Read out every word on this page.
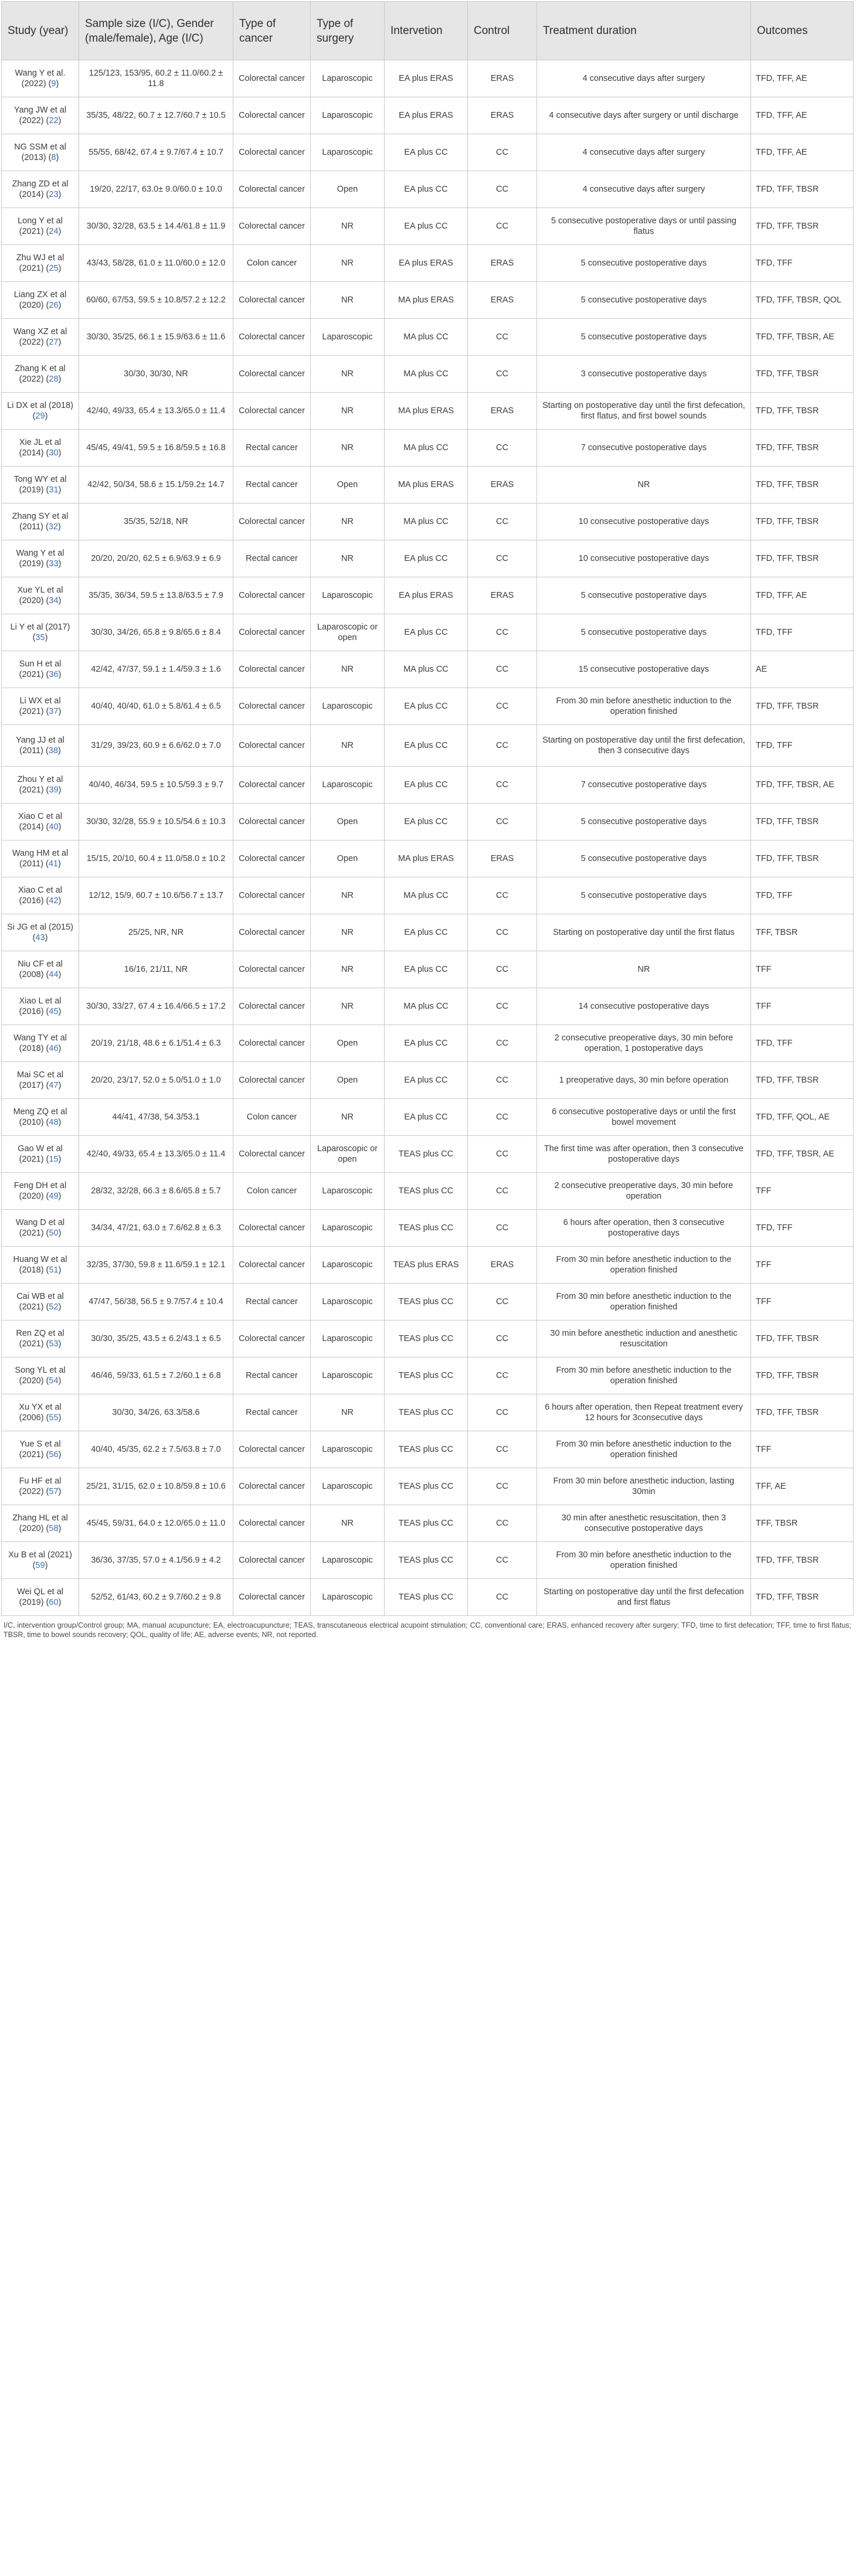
Study (year)	Sample size (I/C), Gender (male/female), Age (I/C)	Type of cancer	Type of surgery	Intervetion	Control	Treatment duration	Outcomes
Wang Y et al. (2022) (9)	125/123, 153/95, 60.2 ± 11.0/60.2 ± 11.8	Colorectal cancer	Laparoscopic	EA plus ERAS	ERAS	4 consecutive days after surgery	TFD, TFF, AE
Yang JW et al (2022) (22)	35/35, 48/22, 60.7 ± 12.7/60.7 ± 10.5	Colorectal cancer	Laparoscopic	EA plus ERAS	ERAS	4 consecutive days after surgery or until discharge	TFD, TFF, AE
NG SSM et al (2013) (8)	55/55, 68/42, 67.4 ± 9.7/67.4 ± 10.7	Colorectal cancer	Laparoscopic	EA plus CC	CC	4 consecutive days after surgery	TFD, TFF, AE
Zhang ZD et al (2014) (23)	19/20, 22/17, 63.0± 9.0/60.0 ± 10.0	Colorectal cancer	Open	EA plus CC	CC	4 consecutive days after surgery	TFD, TFF, TBSR
Long Y et al (2021) (24)	30/30, 32/28, 63.5 ± 14.4/61.8 ± 11.9	Colorectal cancer	NR	EA plus CC	CC	5 consecutive postoperative days or until passing flatus	TFD, TFF, TBSR
Zhu WJ et al (2021) (25)	43/43, 58/28, 61.0 ± 11.0/60.0 ± 12.0	Colon cancer	NR	EA plus ERAS	ERAS	5 consecutive postoperative days	TFD, TFF
Liang ZX et al (2020) (26)	60/60, 67/53, 59.5 ± 10.8/57.2 ± 12.2	Colorectal cancer	NR	MA plus ERAS	ERAS	5 consecutive postoperative days	TFD, TFF, TBSR, QOL
Wang XZ et al (2022) (27)	30/30, 35/25, 66.1 ± 15.9/63.6 ± 11.6	Colorectal cancer	Laparoscopic	MA plus CC	CC	5 consecutive postoperative days	TFD, TFF, TBSR, AE
Zhang K et al (2022) (28)	30/30, 30/30, NR	Colorectal cancer	NR	MA plus CC	CC	3 consecutive postoperative days	TFD, TFF, TBSR
Li DX et al (2018) (29)	42/40, 49/33, 65.4 ± 13.3/65.0 ± 11.4	Colorectal cancer	NR	MA plus ERAS	ERAS	Starting on postoperative day until the first defecation, first flatus, and first bowel sounds	TFD, TFF, TBSR
Xie JL et al (2014) (30)	45/45, 49/41, 59.5 ± 16.8/59.5 ± 16.8	Rectal cancer	NR	MA plus CC	CC	7 consecutive postoperative days	TFD, TFF, TBSR
Tong WY et al (2019) (31)	42/42, 50/34, 58.6 ± 15.1/59.2± 14.7	Rectal cancer	Open	MA plus ERAS	ERAS	NR	TFD, TFF, TBSR
Zhang SY et al (2011) (32)	35/35, 52/18, NR	Colorectal cancer	NR	MA plus CC	CC	10 consecutive postoperative days	TFD, TFF, TBSR
Wang Y et al (2019) (33)	20/20, 20/20, 62.5 ± 6.9/63.9 ± 6.9	Rectal cancer	NR	EA plus CC	CC	10 consecutive postoperative days	TFD, TFF, TBSR
Xue YL et al (2020) (34)	35/35, 36/34, 59.5 ± 13.8/63.5 ± 7.9	Colorectal cancer	Laparoscopic	EA plus ERAS	ERAS	5 consecutive postoperative days	TFD, TFF, AE
Li Y et al (2017) (35)	30/30, 34/26, 65.8 ± 9.8/65.6 ± 8.4	Colorectal cancer	Laparoscopic or open	EA plus CC	CC	5 consecutive postoperative days	TFD, TFF
Sun H et al (2021) (36)	42/42, 47/37, 59.1 ± 1.4/59.3 ± 1.6	Colorectal cancer	NR	MA plus CC	CC	15 consecutive postoperative days	AE
Li WX et al (2021) (37)	40/40, 40/40, 61.0 ± 5.8/61.4 ± 6.5	Colorectal cancer	Laparoscopic	EA plus CC	CC	From 30 min before anesthetic induction to the operation finished	TFD, TFF, TBSR
Yang JJ et al (2011) (38)	31/29, 39/23, 60.9 ± 6.6/62.0 ± 7.0	Colorectal cancer	NR	EA plus CC	CC	Starting on postoperative day until the first defecation, then 3 consecutive days	TFD, TFF
Zhou Y et al (2021) (39)	40/40, 46/34, 59.5 ± 10.5/59.3 ± 9.7	Colorectal cancer	Laparoscopic	EA plus CC	CC	7 consecutive postoperative days	TFD, TFF, TBSR, AE
Xiao C et al (2014) (40)	30/30, 32/28, 55.9 ± 10.5/54.6 ± 10.3	Colorectal cancer	Open	EA plus CC	CC	5 consecutive postoperative days	TFD, TFF, TBSR
Wang HM et al (2011) (41)	15/15, 20/10, 60.4 ± 11.0/58.0 ± 10.2	Colorectal cancer	Open	MA plus ERAS	ERAS	5 consecutive postoperative days	TFD, TFF, TBSR
Xiao C et al (2016) (42)	12/12, 15/9, 60.7 ± 10.6/56.7 ± 13.7	Colorectal cancer	NR	MA plus CC	CC	5 consecutive postoperative days	TFD, TFF
Si JG et al (2015) (43)	25/25, NR, NR	Colorectal cancer	NR	EA plus CC	CC	Starting on postoperative day until the first flatus	TFF, TBSR
Niu CF et al (2008) (44)	16/16, 21/11, NR	Colorectal cancer	NR	EA plus CC	CC	NR	TFF
Xiao L et al (2016) (45)	30/30, 33/27, 67.4 ± 16.4/66.5 ± 17.2	Colorectal cancer	NR	MA plus CC	CC	14 consecutive postoperative days	TFF
Wang TY et al (2018) (46)	20/19, 21/18, 48.6 ± 6.1/51.4 ± 6.3	Colorectal cancer	Open	EA plus CC	CC	2 consecutive preoperative days, 30 min before operation, 1 postoperative days	TFD, TFF
Mai SC et al (2017) (47)	20/20, 23/17, 52.0 ± 5.0/51.0 ± 1.0	Colorectal cancer	Open	EA plus CC	CC	1 preoperative days, 30 min before operation	TFD, TFF, TBSR
Meng ZQ et al (2010) (48)	44/41, 47/38, 54.3/53.1	Colon cancer	NR	EA plus CC	CC	6 consecutive postoperative days or until the first bowel movement	TFD, TFF, QOL, AE
Gao W et al (2021) (15)	42/40, 49/33, 65.4 ± 13.3/65.0 ± 11.4	Colorectal cancer	Laparoscopic or open	TEAS plus CC	CC	The first time was after operation, then 3 consecutive postoperative days	TFD, TFF, TBSR, AE
Feng DH et al (2020) (49)	28/32, 32/28, 66.3 ± 8.6/65.8 ± 5.7	Colon cancer	Laparoscopic	TEAS plus CC	CC	2 consecutive preoperative days, 30 min before operation	TFF
Wang D et al (2021) (50)	34/34, 47/21, 63.0 ± 7.6/62.8 ± 6.3	Colorectal cancer	Laparoscopic	TEAS plus CC	CC	6 hours after operation, then 3 consecutive postoperative days	TFD, TFF
Huang W et al (2018) (51)	32/35, 37/30, 59.8 ± 11.6/59.1 ± 12.1	Colorectal cancer	Laparoscopic	TEAS plus ERAS	ERAS	From 30 min before anesthetic induction to the operation finished	TFF
Cai WB et al (2021) (52)	47/47, 56/38, 56.5 ± 9.7/57.4 ± 10.4	Rectal cancer	Laparoscopic	TEAS plus CC	CC	From 30 min before anesthetic induction to the operation finished	TFF
Ren ZQ et al (2021) (53)	30/30, 35/25, 43.5 ± 6.2/43.1 ± 6.5	Colorectal cancer	Laparoscopic	TEAS plus CC	CC	30 min before anesthetic induction and anesthetic resuscitation	TFD, TFF, TBSR
Song YL et al (2020) (54)	46/46, 59/33, 61.5 ± 7.2/60.1 ± 6.8	Rectal cancer	Laparoscopic	TEAS plus CC	CC	From 30 min before anesthetic induction to the operation finished	TFD, TFF, TBSR
Xu YX et al (2006) (55)	30/30, 34/26, 63.3/58.6	Rectal cancer	NR	TEAS plus CC	CC	6 hours after operation, then Repeat treatment every 12 hours for 3consecutive days	TFD, TFF, TBSR
Yue S et al (2021) (56)	40/40, 45/35, 62.2 ± 7.5/63.8 ± 7.0	Colorectal cancer	Laparoscopic	TEAS plus CC	CC	From 30 min before anesthetic induction to the operation finished	TFF
Fu HF et al (2022) (57)	25/21, 31/15, 62.0 ± 10.8/59.8 ± 10.6	Colorectal cancer	Laparoscopic	TEAS plus CC	CC	From 30 min before anesthetic induction, lasting 30min	TFF, AE
Zhang HL et al (2020) (58)	45/45, 59/31, 64.0 ± 12.0/65.0 ± 11.0	Colorectal cancer	NR	TEAS plus CC	CC	30 min after anesthetic resuscitation, then 3 consecutive postoperative days	TFF, TBSR
Xu B et al (2021) (59)	36/36, 37/35, 57.0 ± 4.1/56.9 ± 4.2	Colorectal cancer	Laparoscopic	TEAS plus CC	CC	From 30 min before anesthetic induction to the operation finished	TFD, TFF, TBSR
Wei QL et al (2019) (60)	52/52, 61/43, 60.2 ± 9.7/60.2 ± 9.8	Colorectal cancer	Laparoscopic	TEAS plus CC	CC	Starting on postoperative day until the first defecation and first flatus	TFD, TFF, TBSR
I/C, intervention group/Control group; MA, manual acupuncture; EA, electroacupuncture; TEAS, transcutaneous electrical acupoint stimulation; CC, conventional care; ERAS, enhanced recovery after surgery; TFD, time to first defecation; TFF, time to first flatus; TBSR, time to bowel sounds recovery; QOL, quality of life; AE, adverse events; NR, not reported.
